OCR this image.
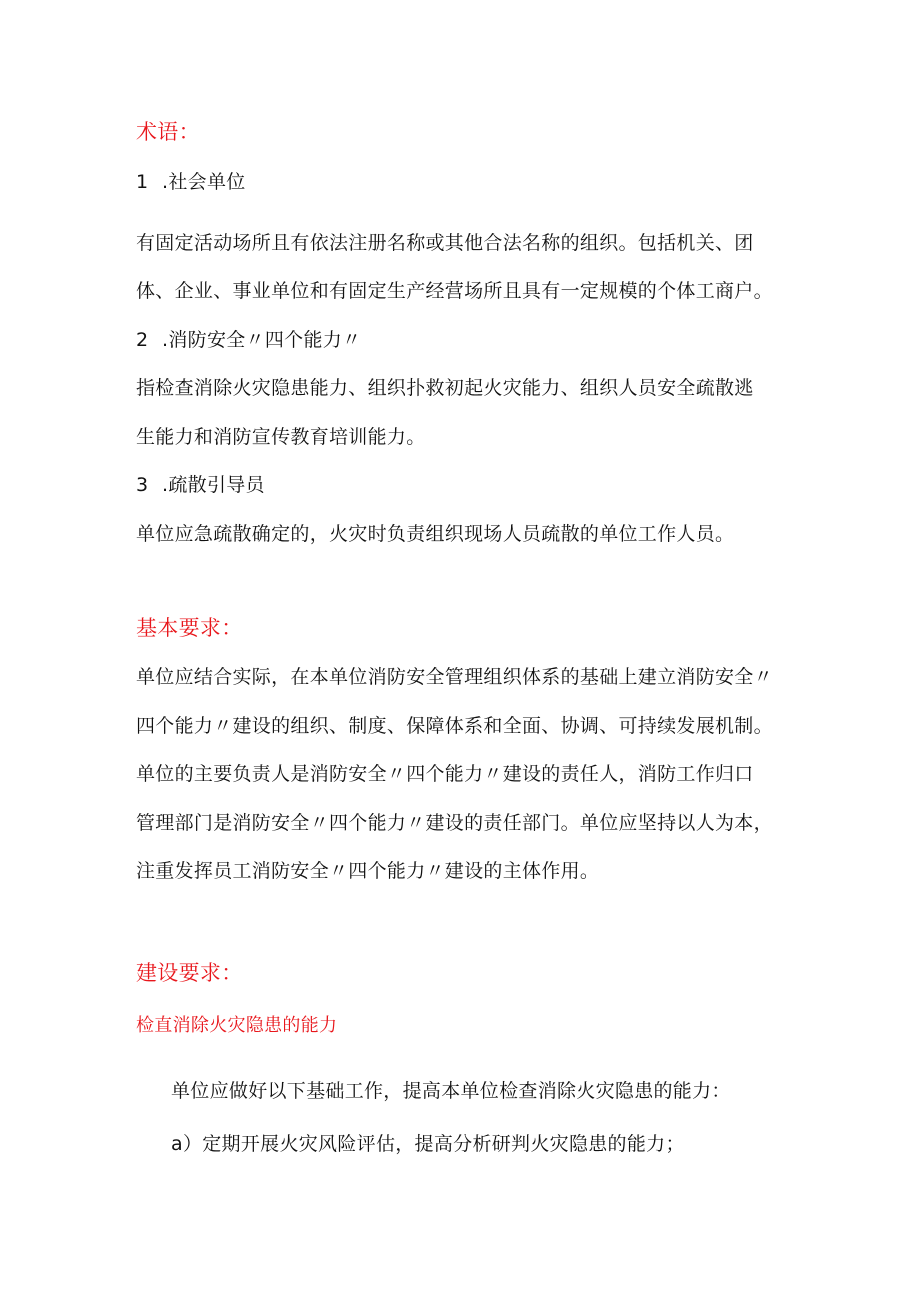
术语：
1 .社会单位
有固定活动场所且有依法注册名称或其他合法名称的组织。包括机关、团
体、企业、事业单位和有固定生产经营场所且具有一定规模的个体工商户。
2 .消防安全〃四个能力〃
指检查消除火灾隐患能力、组织扑救初起火灾能力、组织人员安全疏散逃
生能力和消防宣传教育培训能力。
3 .疏散引导员
单位应急疏散确定的，火灾时负责组织现场人员疏散的单位工作人员。
基本要求：
单位应结合实际，在本单位消防安全管理组织体系的基础上建立消防安全〃
四个能力〃建设的组织、制度、保障体系和全面、协调、可持续发展机制。
单位的主要负责人是消防安全〃四个能力〃建设的责任人，消防工作归口
管理部门是消防安全〃四个能力〃建设的责任部门。单位应坚持以人为本，
注重发挥员工消防安全〃四个能力〃建设的主体作用。
建设要求：
检直消除火灾隐患的能力
单位应做好以下基础工作，提高本单位检查消除火灾隐患的能力：
a）定期开展火灾风险评估，提高分析研判火灾隐患的能力；
